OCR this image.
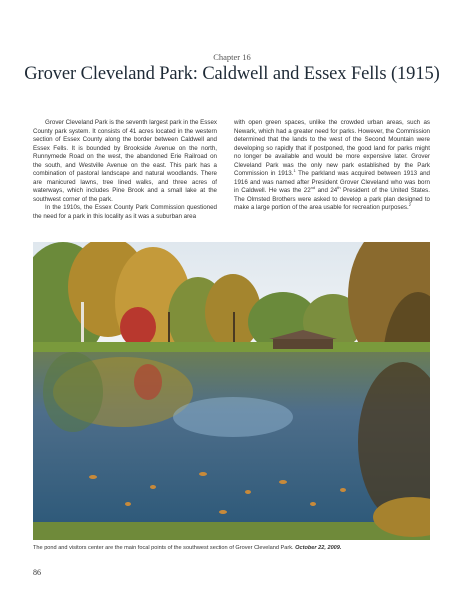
Chapter 16
Grover Cleveland Park: Caldwell and Essex Fells (1915)

Grover Cleveland Park is the seventh largest park in the Essex County park system. It consists of 41 acres located in the western section of Essex County along the border between Caldwell and Essex Fells. It is bounded by Brookside Avenue on the north, Runnymede Road on the west, the abandoned Erie Railroad on the south, and Westville Avenue on the east. This park has a combination of pastoral landscape and natural woodlands. There are manicured lawns, tree lined walks, and three acres of waterways, which includes Pine Brook and a small lake at the southwest corner of the park.

In the 1910s, the Essex County Park Commission questioned the need for a park in this locality as it was a suburban area

with open green spaces, unlike the crowded urban areas, such as Newark, which had a greater need for parks. However, the Commission determined that the lands to the west of the Second Mountain were developing so rapidly that if postponed, the good land for parks might no longer be available and would be more expensive later. Grover Cleveland Park was the only new park established by the Park Commission in 1913.$^1$ The parkland was acquired between 1913 and 1916 and was named after President Grover Cleveland who was born in Caldwell. He was the 22nd and 24th President of the United States. The Olmsted Brothers were asked to develop a park plan designed to make a large portion of the area usable for recreation purposes.$^2$

The pond and visitors center are the main focal points of the southwest section of Grover Cleveland Park. October 22, 2009.
86
